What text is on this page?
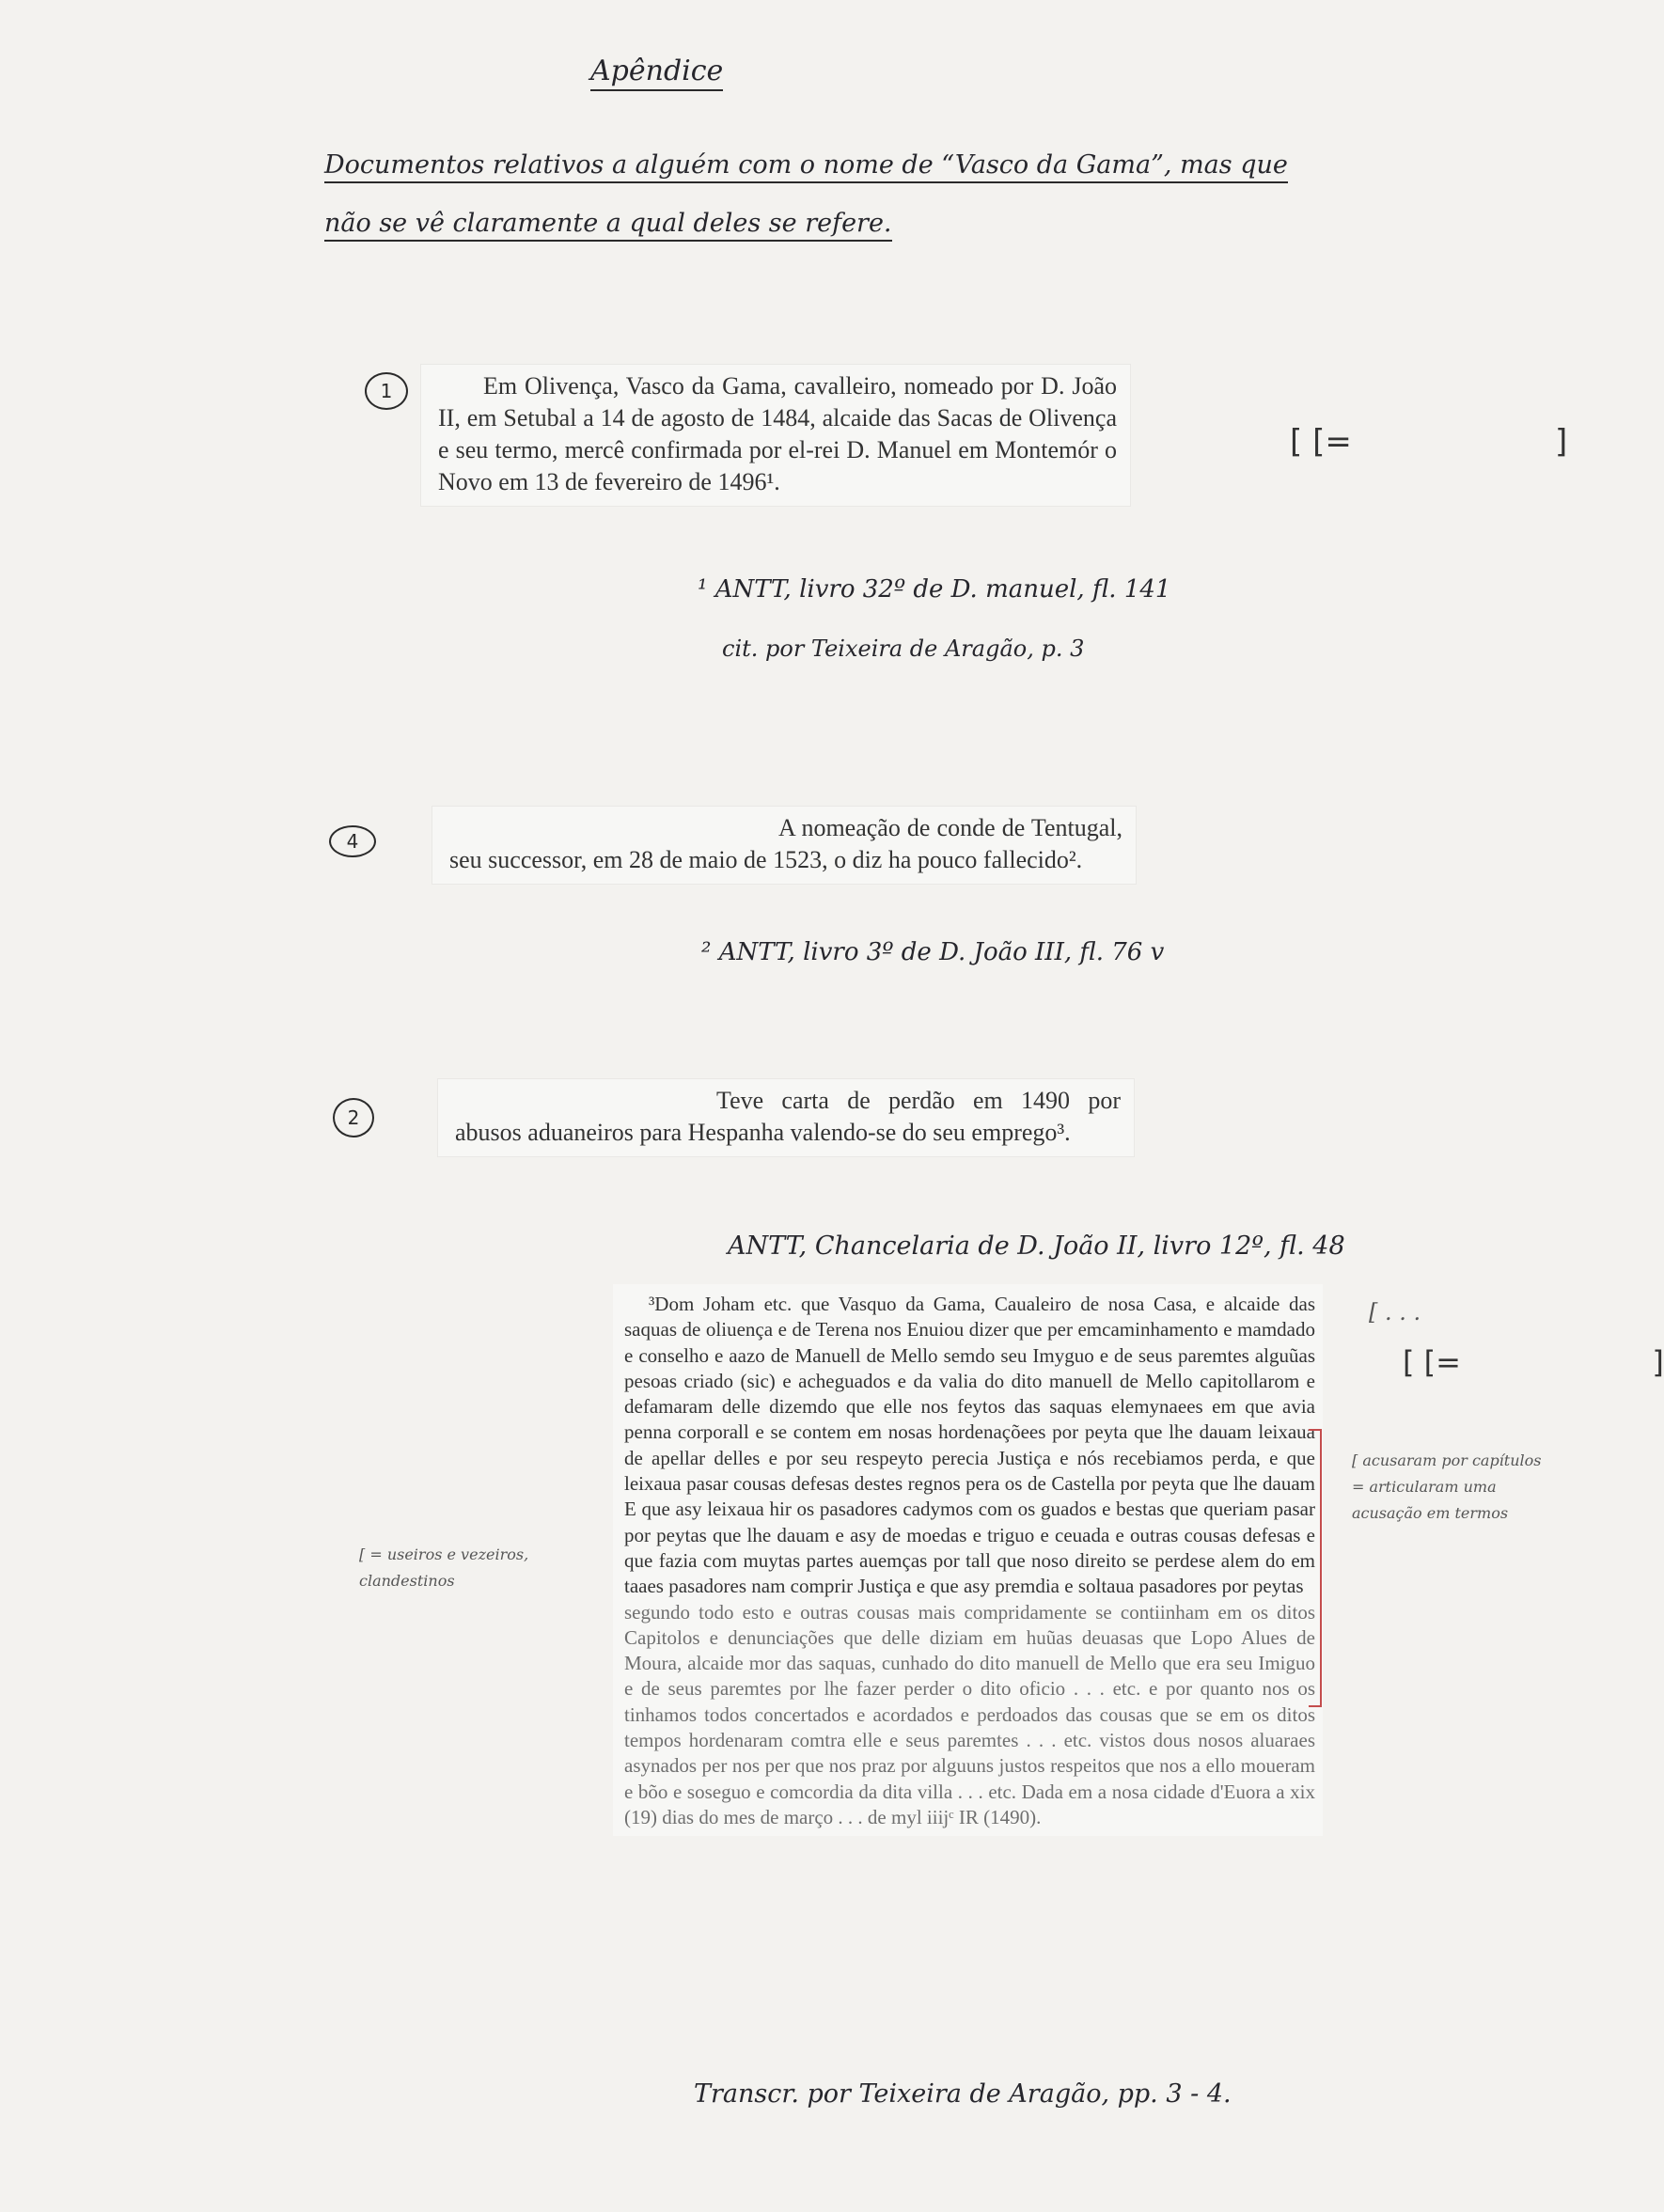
Apêndice
Documentos relativos a alguém com o nome de “Vasco da Gama”, mas que
não se vê claramente a qual deles se refere.
1	Em Olivença, Vasco da Gama, cavalleiro, nomeado por D. João II, em Setubal a 14 de agosto de 1484, alcaide das Sacas de Olivença e seu termo, mercê confirmada por el-rei D. Manuel em Montemór o Novo em 13 de fevereiro de 1496¹.

[ [=                    ]
¹ ANTT, livro 32º de D. manuel, fl. 141
cit. por Teixeira de Aragão, p. 3
4	A nomeação de conde de Tentugal, seu successor, em 28 de maio de 1523, o diz ha pouco fallecido².

² ANTT, livro 3º de D. João III, fl. 76 v
2

Teve carta de perdão em 1490 por abusos aduaneiros para Hespanha valendo-se do seu emprego³.

ANTT, Chancelaria de D. João II, livro 12º, fl. 48

³Dom Joham etc. que Vasquo da Gama, Caualeiro de nosa Casa, e alcaide das saquas de oliuença e de Terena nos Enuiou dizer que per emcaminhamento e mamdado e conselho e aazo de Manuell de Mello semdo seu Imyguo e de seus paremtes alguũas pesoas criado (sic) e acheguados e da valia do dito manuell de Mello capitollarom e defamaram delle dizemdo que elle nos feytos das saquas elemynaees em que avia penna corporall e se contem em nosas hordenaçõees por peyta que lhe dauam leixaua de apellar delles e por seu respeyto perecia Justiça e nós recebiamos perda, e que leixaua pasar cousas defesas destes regnos pera os de Castella por peyta que lhe dauam E que asy leixaua hir os pasadores cadymos com os guados e bestas que queriam pasar por peytas que lhe dauam e asy de moedas e triguo e ceuada e outras cousas defesas e que fazia com muytas partes auemças por tall que noso direito se perdese alem do em taaes pasadores nam comprir Justiça e que asy premdia e soltaua pasadores por peytas

segundo todo esto e outras cousas mais compridamente se contiinham em os ditos Capitolos e denunciações que delle diziam em huũas deuasas que Lopo Alues de Moura, alcaide mor das saquas, cunhado do dito manuell de Mello que era seu Imiguo e de seus paremtes por lhe fazer perder o dito oficio . . . etc. e por quanto nos os tinhamos todos concertados e acordados e perdoados das cousas que se em os ditos tempos hordenaram comtra elle e seus paremtes . . . etc. vistos dous nosos aluaraes asynados per nos per que nos praz por alguuns justos respeitos que nos a ello moueram e bõo e soseguo e comcordia da dita villa . . . etc. Dada em a nosa cidade d'Euora a xix (19) dias do mes de março . . . de myl iiijᶜ IR (1490).

[ . . .
[ [=                    ]
[ acusaram por capítulos = articularam uma acusação em termos
[ = useiros e vezeiros, clandestinos
Transcr. por Teixeira de Aragão, pp. 3 - 4.
